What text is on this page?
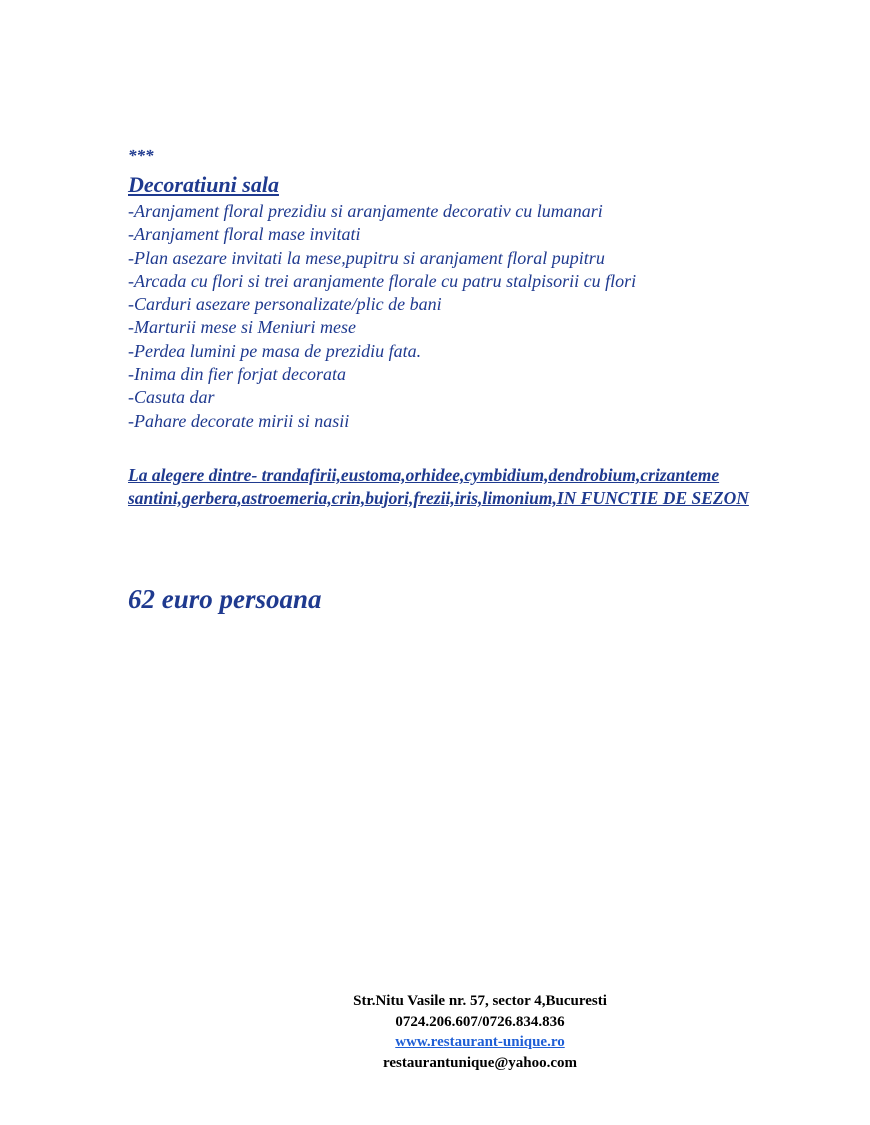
***
Decoratiuni sala
-Aranjament floral prezidiu si aranjamente decorativ cu lumanari
-Aranjament floral mase invitati
-Plan asezare invitati la mese,pupitru si aranjament floral pupitru
-Arcada cu flori si trei aranjamente florale cu patru stalpisorii cu flori
-Carduri asezare personalizate/plic de bani
-Marturii mese si Meniuri mese
-Perdea lumini pe masa de prezidiu fata.
-Inima din fier forjat decorata
-Casuta dar
-Pahare decorate mirii si nasii
La alegere dintre- trandafirii,eustoma,orhidee,cymbidium,dendrobium,crizanteme santini,gerbera,astroemeria,crin,bujori,frezii,iris,limonium,IN FUNCTIE DE SEZON
62 euro persoana
Str.Nitu Vasile nr. 57, sector 4,Bucuresti
0724.206.607/0726.834.836
www.restaurant-unique.ro
restaurantunique@yahoo.com
